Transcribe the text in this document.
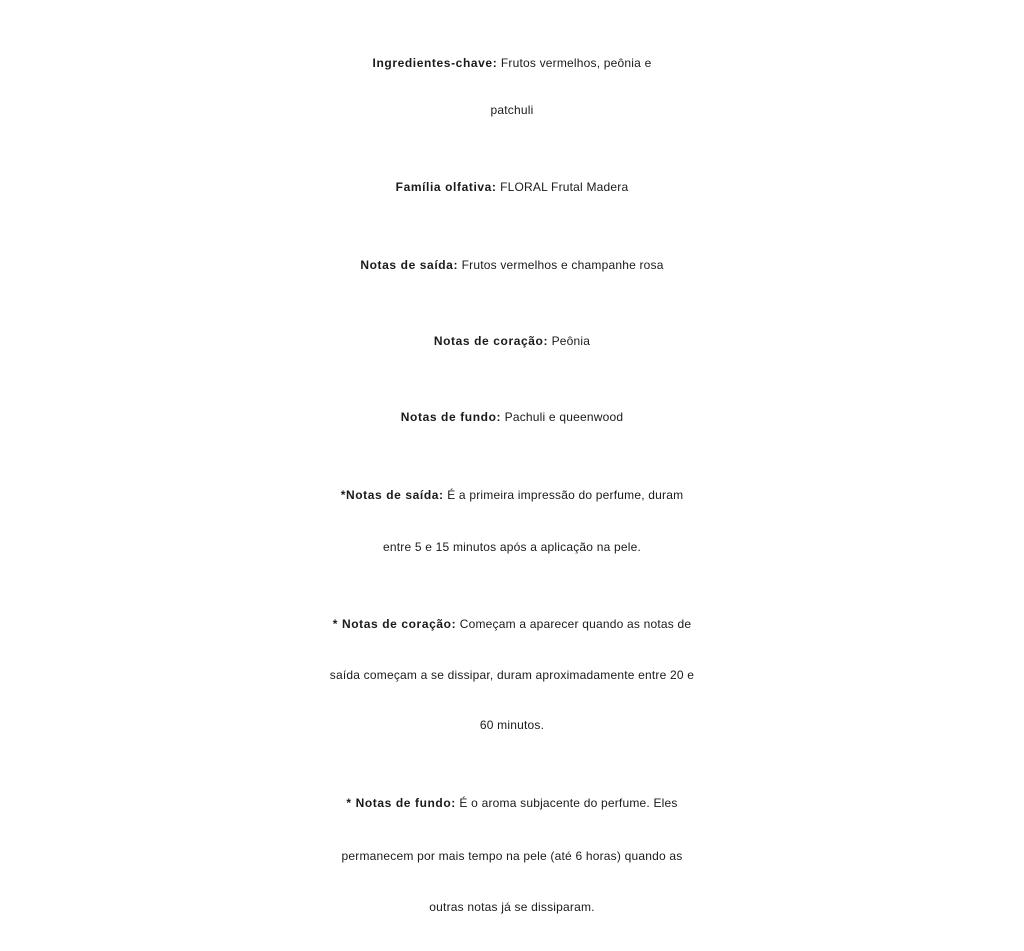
Ingredientes-chave: Frutos vermelhos, peônia e
patchuli
Família olfativa: FLORAL Frutal Madera
Notas de saída: Frutos vermelhos e champanhe rosa
Notas de coração: Peônia
Notas de fundo: Pachuli e queenwood
*Notas de saída: É a primeira impressão do perfume, duram
entre 5 e 15 minutos após a aplicação na pele.
* Notas de coração: Começam a aparecer quando as notas de
saída começam a se dissipar, duram aproximadamente entre 20 e
60 minutos.
* Notas de fundo: É o aroma subjacente do perfume. Eles
permanecem por mais tempo na pele (até 6 horas) quando as
outras notas já se dissiparam.
